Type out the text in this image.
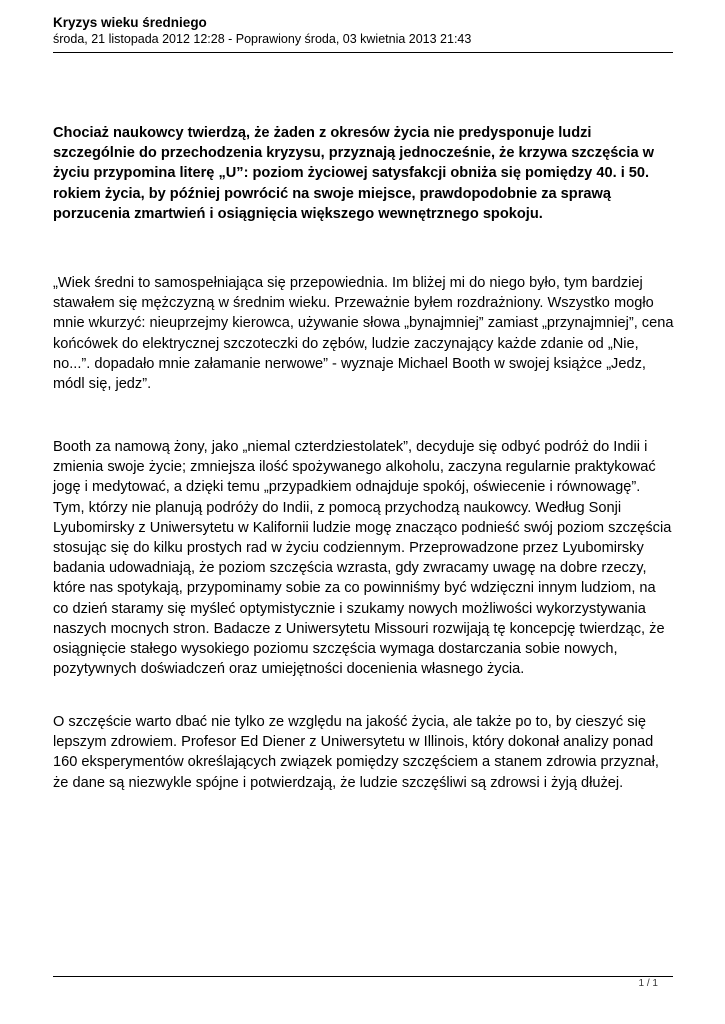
Kryzys wieku średniego

środa, 21 listopada 2012 12:28 - Poprawiony środa, 03 kwietnia 2013 21:43

Chociaż naukowcy twierdzą, że żaden z okresów życia nie predysponuje ludzi szczególnie do przechodzenia kryzysu, przyznają jednocześnie, że krzywa szczęścia w życiu przypomina literę „U”: poziom życiowej satysfakcji obniża się pomiędzy 40. i 50. rokiem życia, by później powrócić na swoje miejsce, prawdopodobnie za sprawą porzucenia zmartwień i osiągnięcia większego wewnętrznego spokoju.

„Wiek średni to samospełniająca się przepowiednia. Im bliżej mi do niego było, tym bardziej stawałem się mężczyzną w średnim wieku. Przeważnie byłem rozdrażniony. Wszystko mogło mnie wkurzyć: nieuprzejmy kierowca, używanie słowa „bynajmniej” zamiast „przynajmniej”, cena końcówek do elektrycznej szczoteczki do zębów, ludzie zaczynający każde zdanie od „Nie, no...”. dopadało mnie załamanie nerwowe” - wyznaje Michael Booth w swojej książce „Jedz, módl się, jedz”.

Booth za namową żony, jako „niemal czterdziestolatek”, decyduje się odbyć podróż do Indii i zmienia swoje życie; zmniejsza ilość spożywanego alkoholu, zaczyna regularnie praktykować jogę i medytować, a dzięki temu „przypadkiem odnajduje spokój, oświecenie i równowagę”. Tym, którzy nie planują podróży do Indii, z pomocą przychodzą naukowcy. Według Sonji Lyubomirsky z Uniwersytetu w Kalifornii ludzie mogę znacząco podnieść swój poziom szczęścia stosując się do kilku prostych rad w życiu codziennym. Przeprowadzone przez Lyubomirsky badania udowadniają, że poziom szczęścia wzrasta, gdy zwracamy uwagę na dobre rzeczy, które nas spotykają, przypominamy sobie za co powinniśmy być wdzięczni innym ludziom, na co dzień staramy się myśleć optymistycznie i szukamy nowych możliwości wykorzystywania naszych mocnych stron. Badacze z Uniwersytetu Missouri rozwijają tę koncepcję twierdząc, że osiągnięcie stałego wysokiego poziomu szczęścia wymaga dostarczania sobie nowych, pozytywnych doświadczeń oraz umiejętności docenienia własnego życia.

O szczęście warto dbać nie tylko ze względu na jakość życia, ale także po to, by cieszyć się lepszym zdrowiem. Profesor Ed Diener z Uniwersytetu w Illinois, który dokonał analizy ponad 160 eksperymentów określających związek pomiędzy szczęściem a stanem zdrowia przyznał, że dane są niezwykle spójne i potwierdzają, że ludzie szczęśliwi są zdrowsi i żyją dłużej.

1 / 1
